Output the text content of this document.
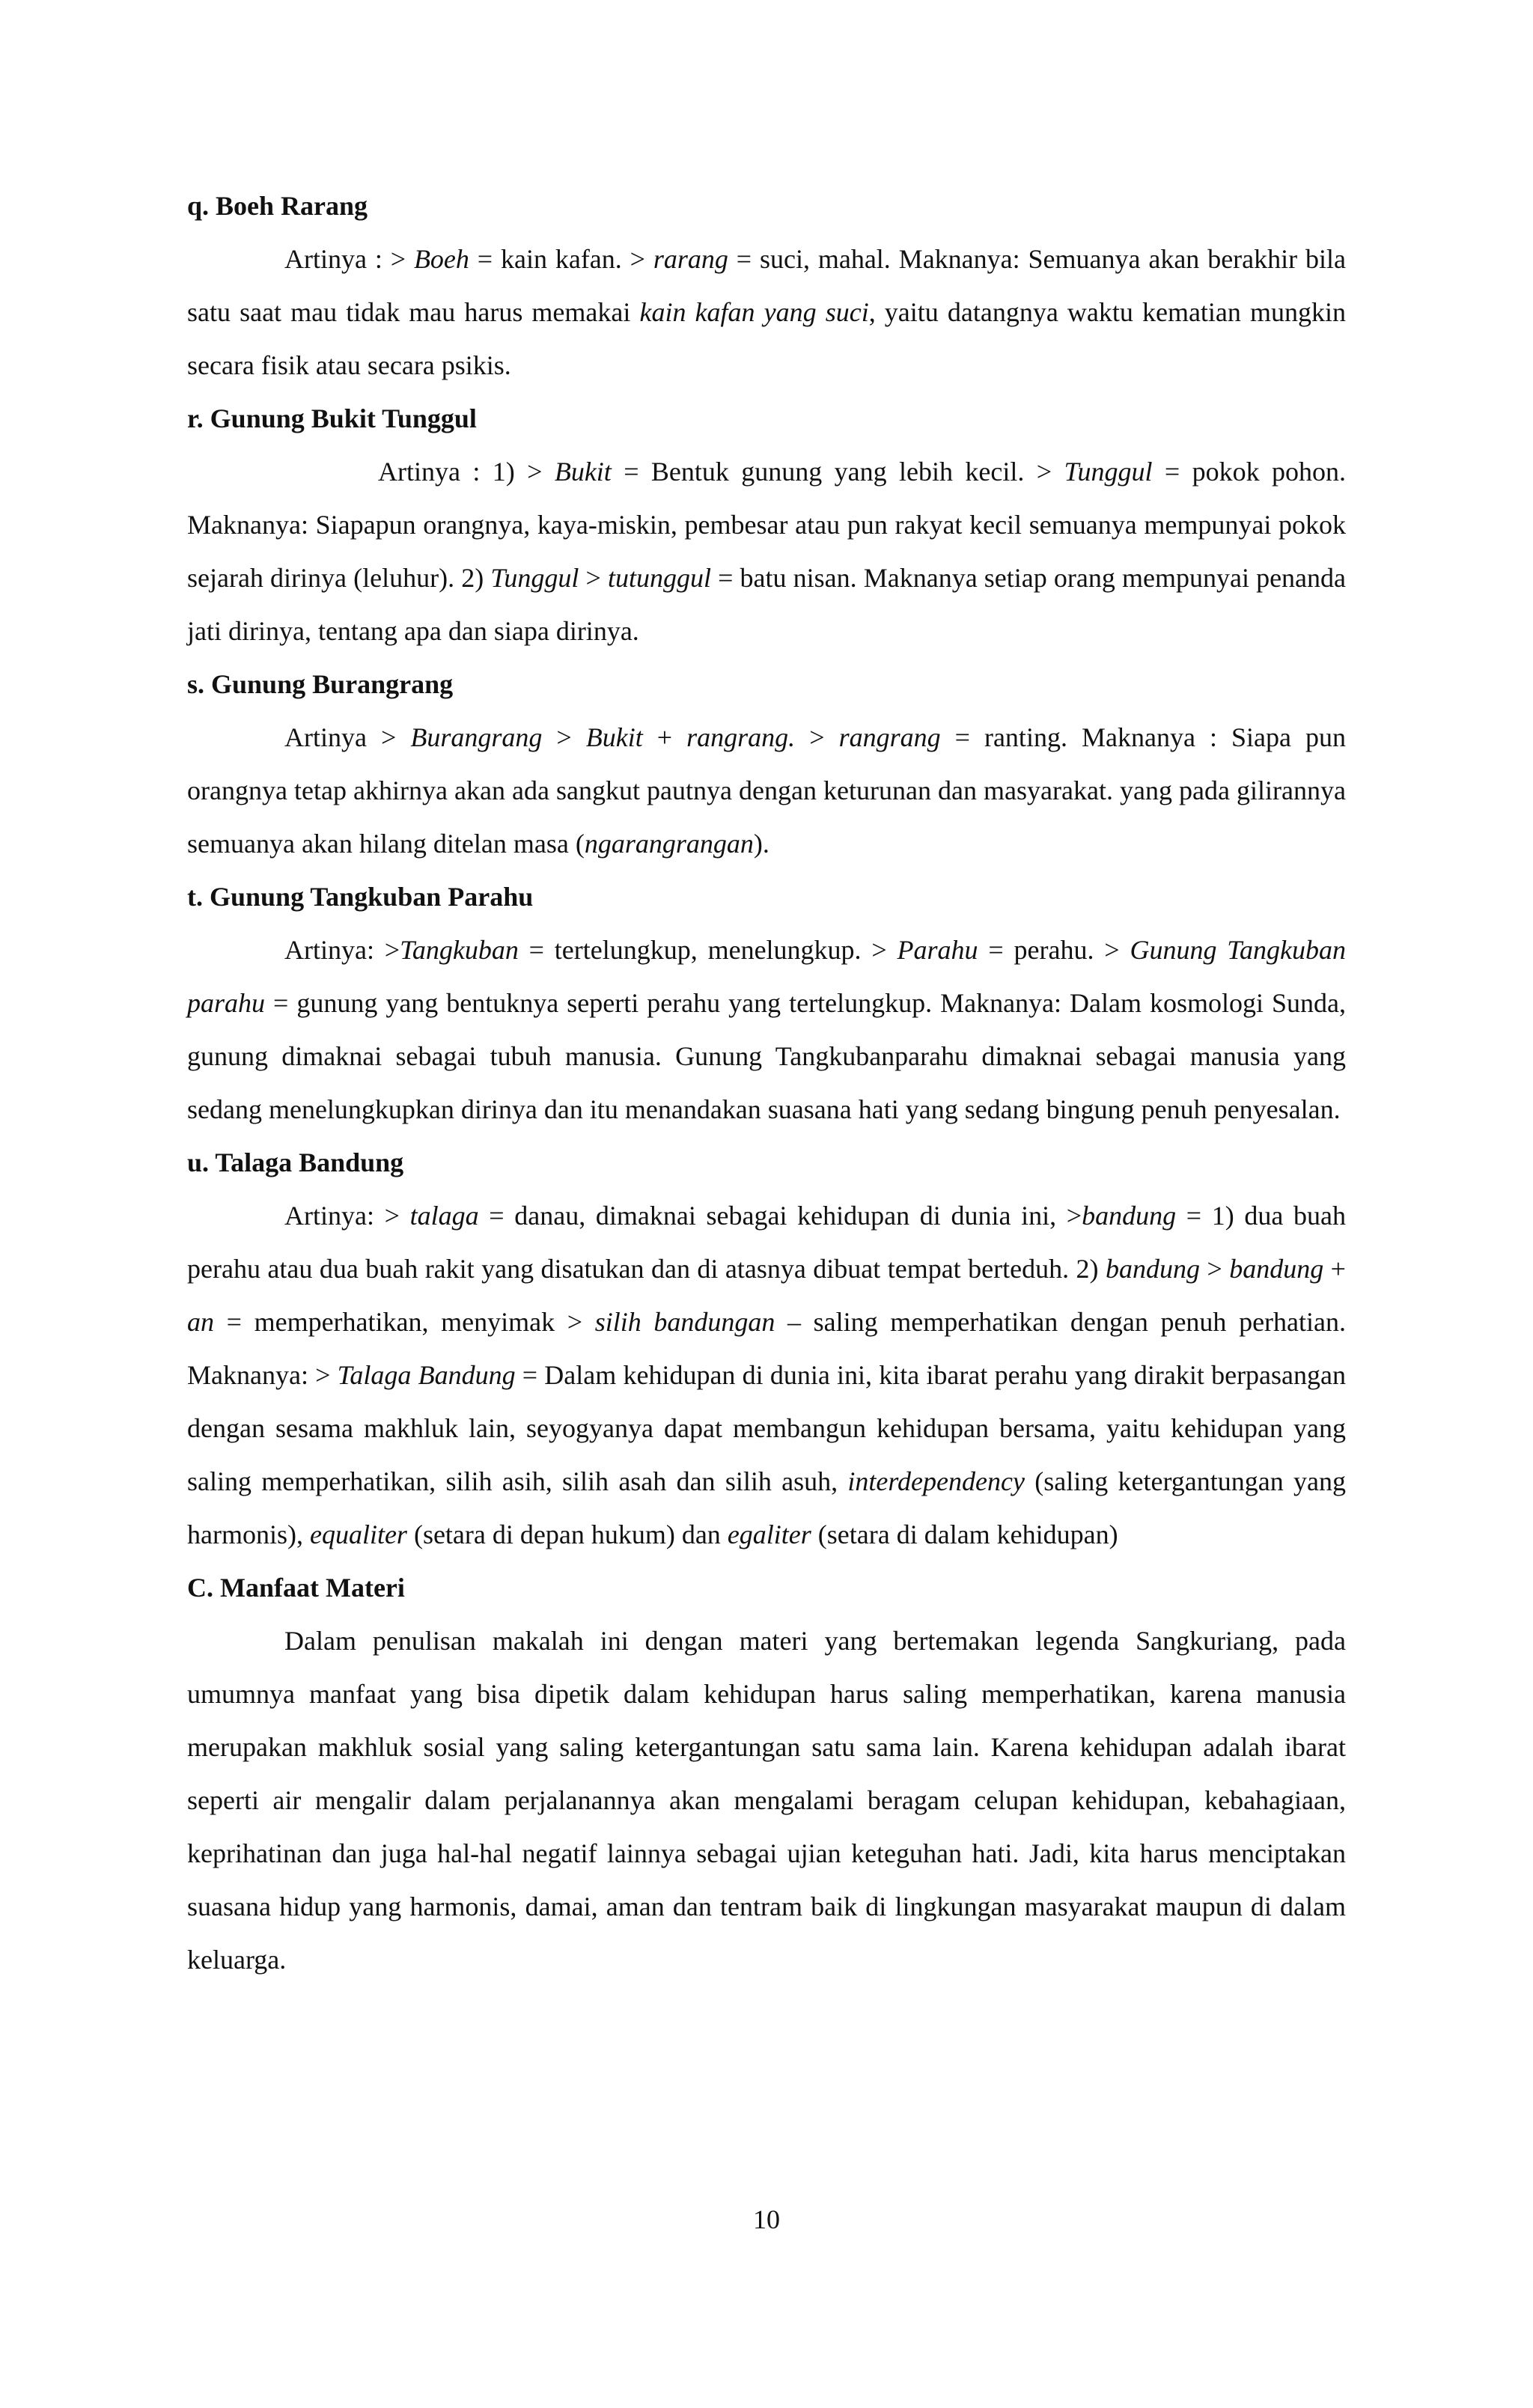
q. Boeh Rarang

Artinya : > Boeh = kain kafan. > rarang = suci, mahal. Maknanya: Semuanya akan berakhir bila satu saat mau tidak mau harus memakai kain kafan yang suci, yaitu datangnya waktu kematian mungkin secara fisik atau secara psikis.

r. Gunung Bukit Tunggul

Artinya : 1) > Bukit = Bentuk gunung yang lebih kecil. > Tunggul = pokok pohon. Maknanya: Siapapun orangnya, kaya-miskin, pembesar atau pun rakyat kecil semuanya mempunyai pokok sejarah dirinya (leluhur). 2) Tunggul > tutunggul = batu nisan. Maknanya setiap orang mempunyai penanda jati dirinya, tentang apa dan siapa dirinya.

s. Gunung Burangrang

Artinya > Burangrang > Bukit + rangrang. > rangrang = ranting. Maknanya : Siapa pun orangnya tetap akhirnya akan ada sangkut pautnya dengan keturunan dan masyarakat. yang pada gilirannya semuanya akan hilang ditelan masa (ngarangrangan).

t. Gunung Tangkuban Parahu

Artinya: >Tangkuban = tertelungkup, menelungkup. > Parahu = perahu. > Gunung Tangkuban parahu = gunung yang bentuknya seperti perahu yang tertelungkup. Maknanya: Dalam kosmologi Sunda, gunung dimaknai sebagai tubuh manusia. Gunung Tangkubanparahu dimaknai sebagai manusia yang sedang menelungkupkan dirinya dan itu menandakan suasana hati yang sedang bingung penuh penyesalan.

u. Talaga Bandung

Artinya: > talaga = danau, dimaknai sebagai kehidupan di dunia ini, >bandung = 1) dua buah perahu atau dua buah rakit yang disatukan dan di atasnya dibuat tempat berteduh. 2) bandung > bandung + an = memperhatikan, menyimak > silih bandungan – saling memperhatikan dengan penuh perhatian. Maknanya: > Talaga Bandung = Dalam kehidupan di dunia ini, kita ibarat perahu yang dirakit berpasangan dengan sesama makhluk lain, seyogyanya dapat membangun kehidupan bersama, yaitu kehidupan yang saling memperhatikan, silih asih, silih asah dan silih asuh, interdependency (saling ketergantungan yang harmonis), equaliter (setara di depan hukum) dan egaliter (setara di dalam kehidupan)

C. Manfaat Materi

Dalam penulisan makalah ini dengan materi yang bertemakan legenda Sangkuriang, pada umumnya manfaat yang bisa dipetik dalam kehidupan harus saling memperhatikan, karena manusia merupakan makhluk sosial yang saling ketergantungan satu sama lain. Karena kehidupan adalah ibarat seperti air mengalir dalam perjalanannya akan mengalami beragam celupan kehidupan, kebahagiaan, keprihatinan dan juga hal-hal negatif lainnya sebagai ujian keteguhan hati. Jadi, kita harus menciptakan suasana hidup yang harmonis, damai, aman dan tentram baik di lingkungan masyarakat maupun di dalam keluarga.

10
